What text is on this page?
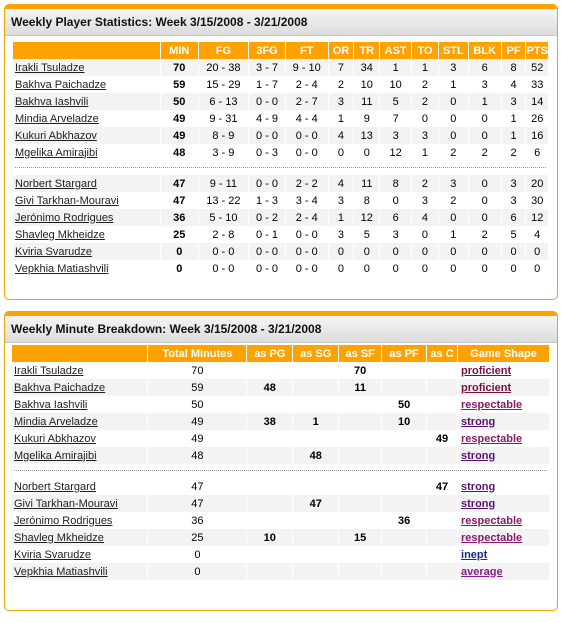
Weekly Player Statistics: Week 3/15/2008 - 3/21/2008
	MIN	FG	3FG	FT	OR	TR	AST	TO	STL	BLK	PF	PTS
Irakli Tsuladze	70	20 - 38	3 - 7	9 - 10	7	34	1	1	3	6	8	52
Bakhva Paichadze	59	15 - 29	1 - 7	2 - 4	2	10	10	2	1	3	4	33
Bakhva Iashvili	50	6 - 13	0 - 0	2 - 7	3	11	5	2	0	1	3	14
Mindia Arveladze	49	9 - 31	4 - 9	4 - 4	1	9	7	0	0	0	1	26
Kukuri Abkhazov	49	8 - 9	0 - 0	0 - 0	4	13	3	3	0	0	1	16
Mgelika Amirajibi	48	3 - 9	0 - 3	0 - 0	0	0	12	1	2	2	2	6

Norbert Stargard	47	9 - 11	0 - 0	2 - 2	4	11	8	2	3	0	3	20
Givi Tarkhan-Mouravi	47	13 - 22	1 - 3	3 - 4	3	8	0	3	2	0	3	30
Jerónimo Rodrigues	36	5 - 10	0 - 2	2 - 4	1	12	6	4	0	0	6	12
Shavleg Mkheidze	25	2 - 8	0 - 1	0 - 0	3	5	3	0	1	2	5	4
Kviria Svarudze	0	0 - 0	0 - 0	0 - 0	0	0	0	0	0	0	0	0
Vepkhia Matiashvili	0	0 - 0	0 - 0	0 - 0	0	0	0	0	0	0	0	0
Weekly Minute Breakdown: Week 3/15/2008 - 3/21/2008
	Total Minutes	as PG	as SG	as SF	as PF	as C	Game Shape
Irakli Tsuladze	70			70			proficient
Bakhva Paichadze	59	48		11			proficient
Bakhva Iashvili	50				50		respectable
Mindia Arveladze	49	38	1		10		strong
Kukuri Abkhazov	49					49	respectable
Mgelika Amirajibi	48		48				strong

Norbert Stargard	47					47	strong
Givi Tarkhan-Mouravi	47		47				strong
Jerónimo Rodrigues	36				36		respectable
Shavleg Mkheidze	25	10		15			respectable
Kviria Svarudze	0						inept
Vepkhia Matiashvili	0						average
